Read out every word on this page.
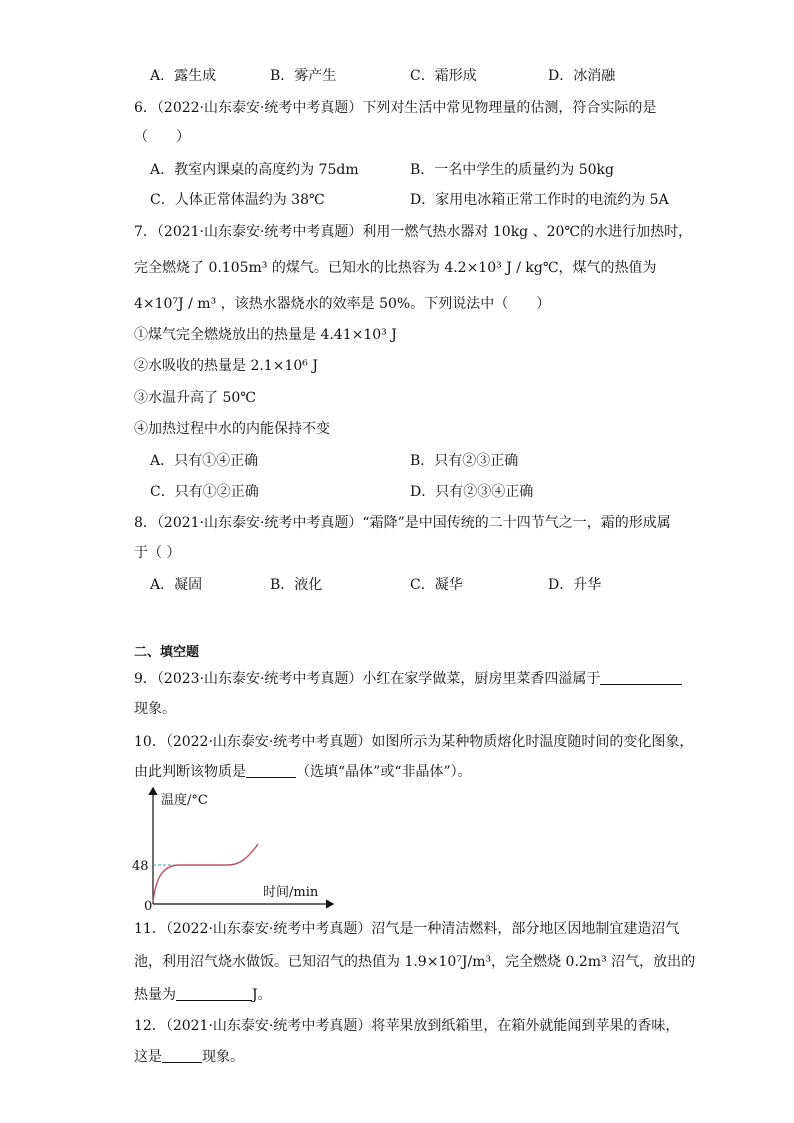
A．露生成	B．雾产生	C．霜形成	D．冰消融
6．（2022·山东泰安·统考中考真题）下列对生活中常见物理量的估测，符合实际的是
（　　）
A．教室内课桌的高度约为 75dm	B．一名中学生的质量约为 50kg
C．人体正常体温约为 38℃	D．家用电冰箱正常工作时的电流约为 5A
7．（2021·山东泰安·统考中考真题）利用一燃气热水器对 10kg 、20℃的水进行加热时，
完全燃烧了 0.105m³ 的煤气。已知水的比热容为 4.2×10³ J / kg℃，煤气的热值为
4×10⁷J / m³ ，该热水器烧水的效率是 50%。下列说法中（　　）
①煤气完全燃烧放出的热量是 4.41×10³ J
②水吸收的热量是 2.1×10⁶ J
③水温升高了 50℃
④加热过程中水的内能保持不变
A．只有①④正确	B．只有②③正确
C．只有①②正确	D．只有②③④正确
8．（2021·山东泰安·统考中考真题）“霜降”是中国传统的二十四节气之一，霜的形成属
于（ ）
A．凝固	B．液化	C．凝华	D．升华
二、填空题
9．（2023·山东泰安·统考中考真题）小红在家学做菜，厨房里菜香四溢属于
现象。
10．（2022·山东泰安·统考中考真题）如图所示为某种物质熔化时温度随时间的变化图象，
由此判断该物质是	（选填“晶体”或“非晶体”）。
温度/°C
时间/min
48
0
11．（2022·山东泰安·统考中考真题）沼气是一种清洁燃料，部分地区因地制宜建造沼气
池，利用沼气烧水做饭。已知沼气的热值为 1.9×10⁷J/m³，完全燃烧 0.2m³ 沼气，放出的
热量为	J。
12．（2021·山东泰安·统考中考真题）将苹果放到纸箱里，在箱外就能闻到苹果的香味，
这是	现象。
